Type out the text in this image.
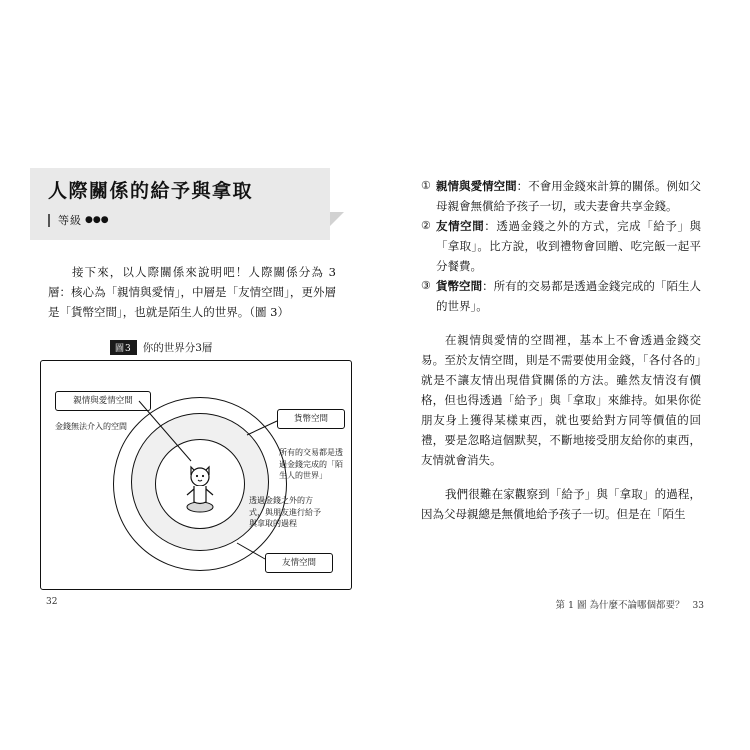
人際關係的給予與拿取
等級 ●●●
接下來，以人際關係來說明吧！人際關係分為 3 層：核心為「親情與愛情」，中層是「友情空間」，更外層是「貨幣空間」，也就是陌生人的世界。（圖 3）
圖3	你的世界分3層
親情與愛情空間
貨幣空間
友情空間
金錢無法介入的空間
所有的交易都是透過金錢完成的「陌生人的世界」
透過金錢之外的方式，與朋友進行給予與拿取的過程
32
① 親情與愛情空間：不會用金錢來計算的關係。例如父母親會無償給予孩子一切，或夫妻會共享金錢。
② 友情空間：透過金錢之外的方式，完成「給予」與「拿取」。比方說，收到禮物會回贈、吃完飯一起平分餐費。
③ 貨幣空間：所有的交易都是透過金錢完成的「陌生人的世界」。
在親情與愛情的空間裡，基本上不會透過金錢交易。至於友情空間，則是不需要使用金錢，「各付各的」就是不讓友情出現借貸關係的方法。雖然友情沒有價格，但也得透過「給予」與「拿取」來維持。如果你從朋友身上獲得某樣東西，就也要給對方同等價值的回禮，要是忽略這個默契，不斷地接受朋友給你的東西，友情就會消失。
我們很難在家觀察到「給予」與「拿取」的過程，因為父母親總是無償地給予孩子一切。但是在「陌生
第 1 圖 為什麼不論哪個都要？ 33
